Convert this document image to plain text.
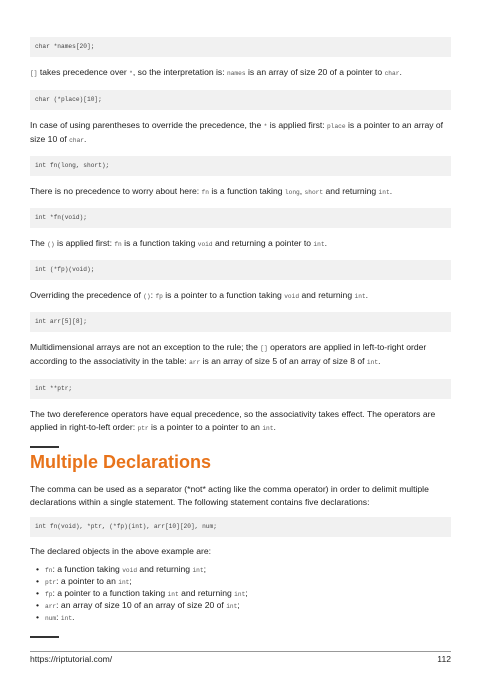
char *names[20];

[] takes precedence over *, so the interpretation is: names is an array of size 20 of a pointer to char.

char (*place)[10];

In case of using parentheses to override the precedence, the * is applied first: place is a pointer to an array of size 10 of char.

int fn(long, short);

There is no precedence to worry about here: fn is a function taking long, short and returning int.

int *fn(void);

The () is applied first: fn is a function taking void and returning a pointer to int.

int (*fp)(void);

Overriding the precedence of (): fp is a pointer to a function taking void and returning int.

int arr[5][8];

Multidimensional arrays are not an exception to the rule; the [] operators are applied in left-to-right order according to the associativity in the table: arr is an array of size 5 of an array of size 8 of int.

int **ptr;

The two dereference operators have equal precedence, so the associativity takes effect. The operators are applied in right-to-left order: ptr is a pointer to a pointer to an int.

Multiple Declarations

The comma can be used as a separator (*not* acting like the comma operator) in order to delimit multiple declarations within a single statement. The following statement contains five declarations:

int fn(void), *ptr, (*fp)(int), arr[10][20], num;

The declared objects in the above example are:

• fn: a function taking void and returning int;
• ptr: a pointer to an int;
• fp: a pointer to a function taking int and returning int;
• arr: an array of size 10 of an array of size 20 of int;
• num: int.
https://riptutorial.com/	112
